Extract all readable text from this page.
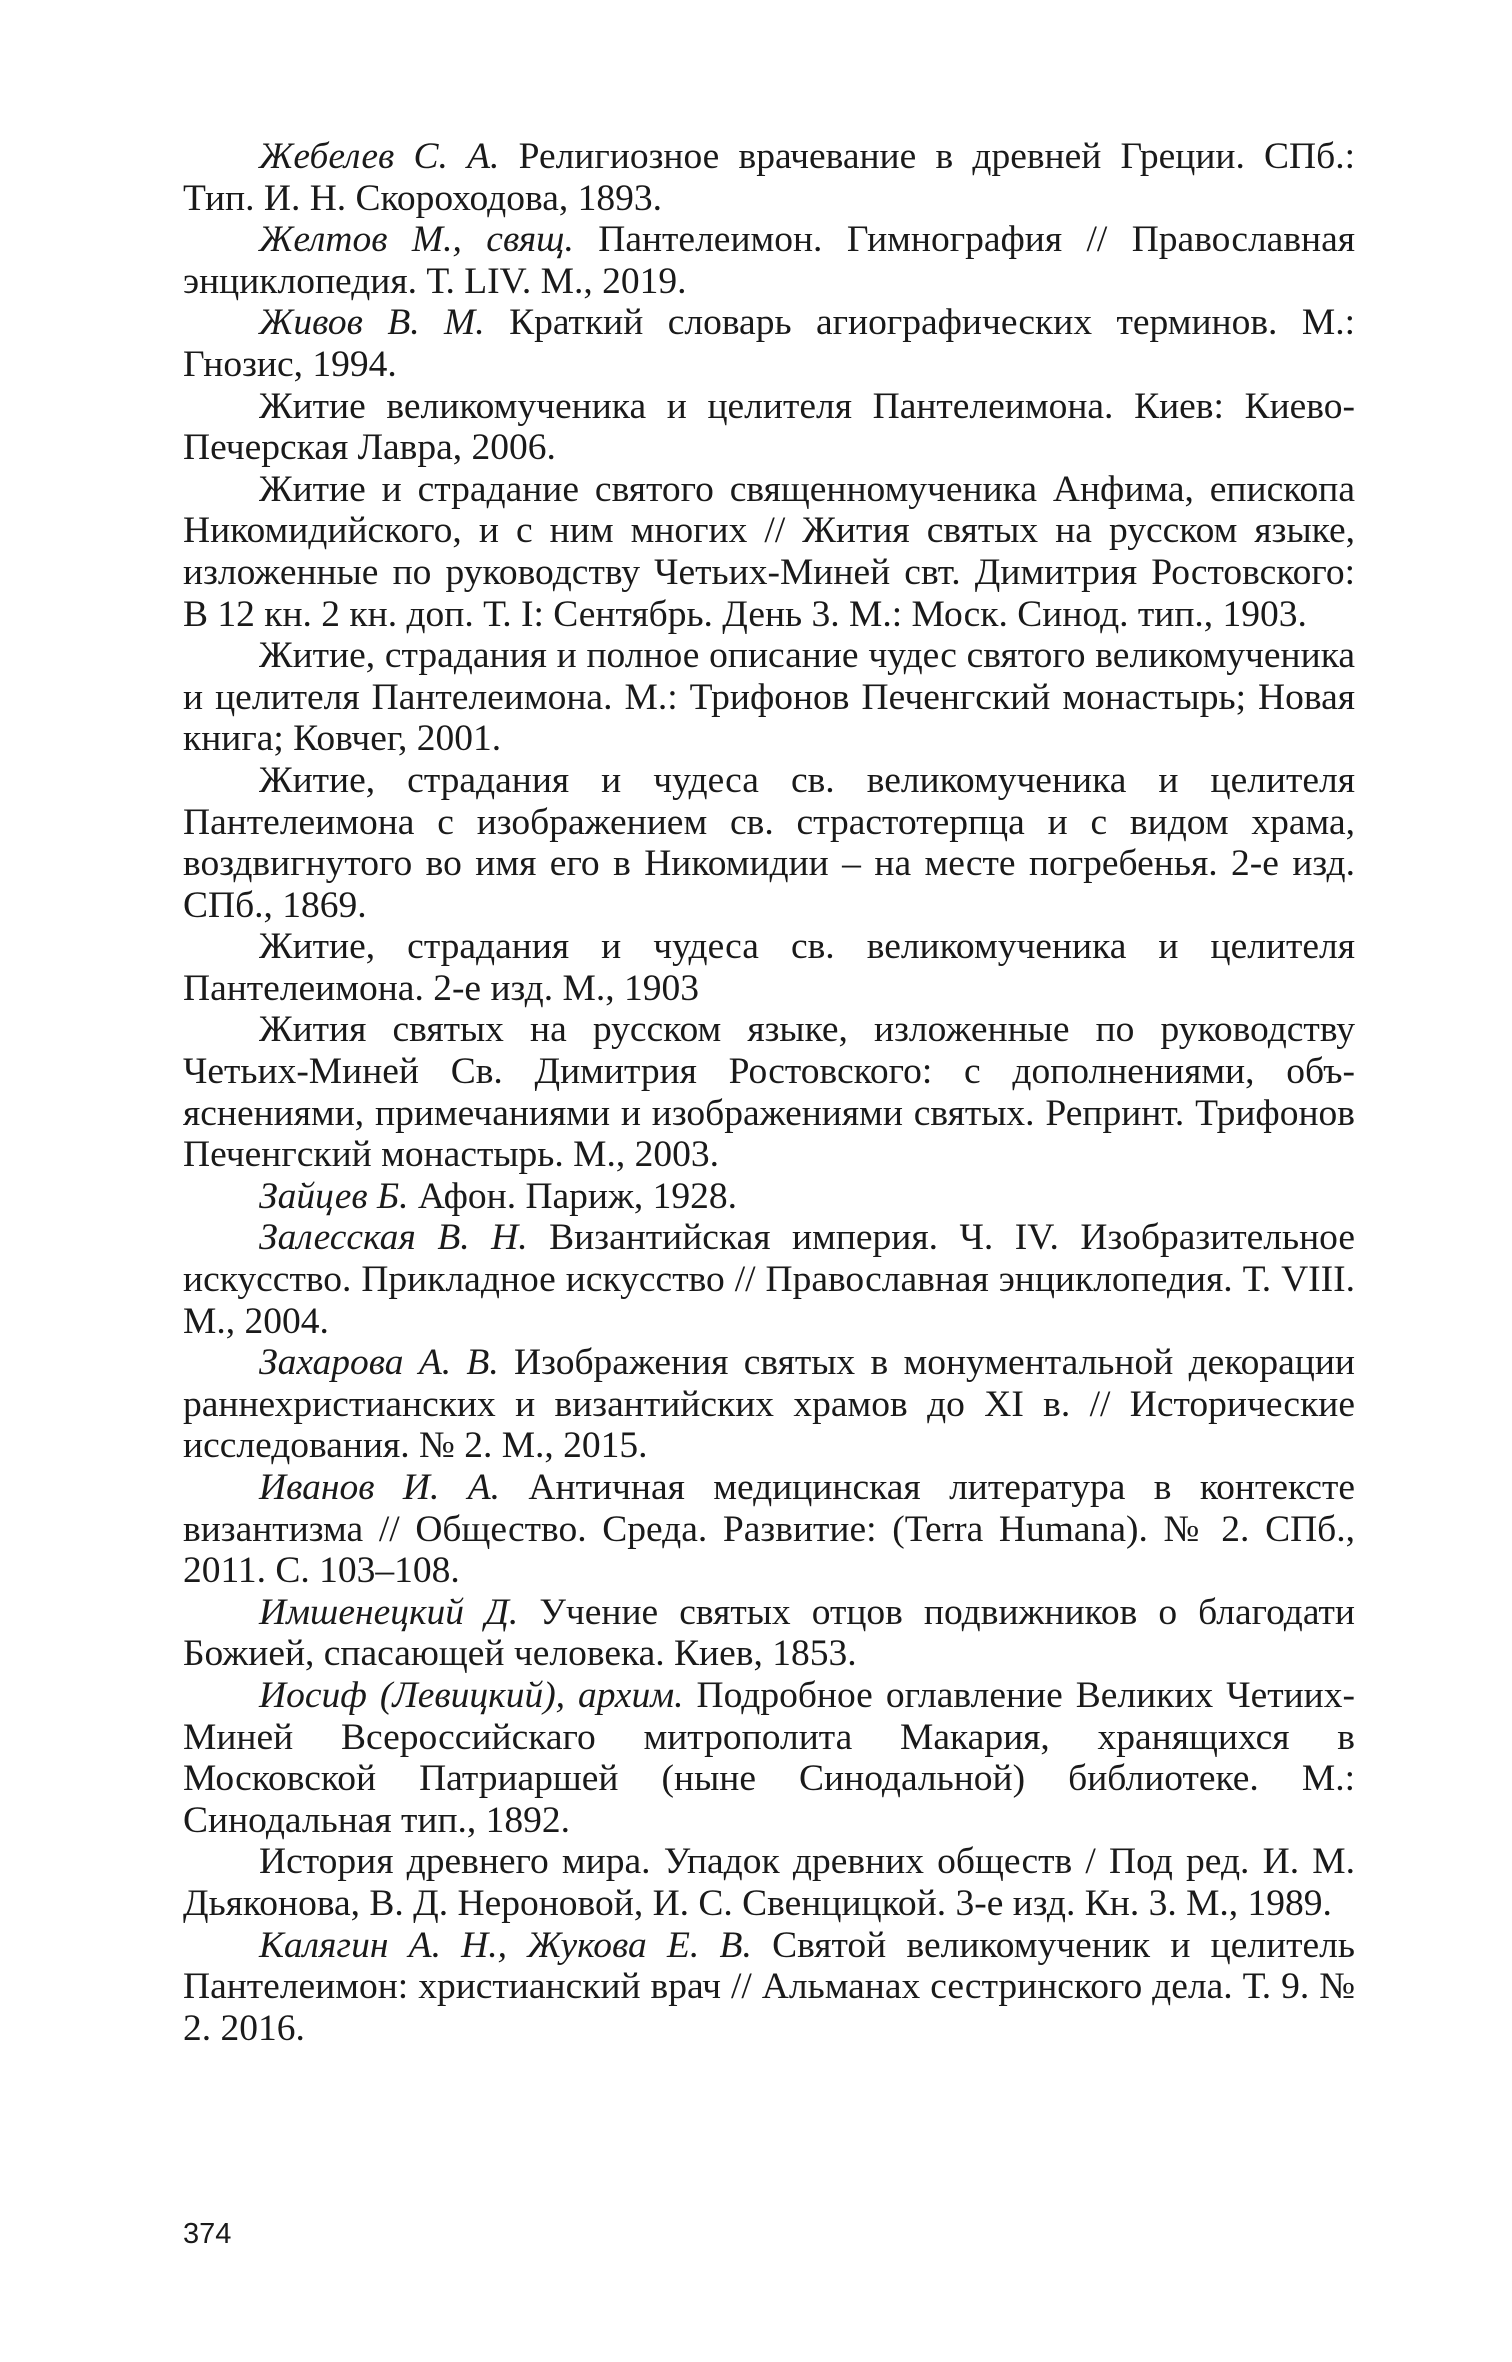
Жебелев С. А. Религиозное врачевание в древней Греции. СПб.: Тип. И. Н. Скороходова, 1893.

Желтов М., свящ. Пантелеимон. Гимнография // Православная энциклопедия. Т. LIV. М., 2019.

Живов В. М. Краткий словарь агиографических терминов. М.: Гнозис, 1994.

Житие великомученика и целителя Пантелеимона. Киев: Киево-Печерская Лавра, 2006.

Житие и страдание святого священномученика Анфима, епископа Никомидийского, и с ним многих // Жития святых на русском языке, изложенные по руководству Четьих-Миней свт. Димитрия Ростовского: В 12 кн. 2 кн. доп. Т. I: Сентябрь. День 3. М.: Моск. Синод. тип., 1903.

Житие, страдания и полное описание чудес святого великомученика и целителя Пантелеимона. М.: Трифонов Печенгский монастырь; Новая книга; Ковчег, 2001.

Житие, страдания и чудеса св. великомученика и целителя Пантелеимона с изображением св. страстотерпца и с видом храма, воздвигнутого во имя его в Никомидии – на месте погребенья. 2-е изд. СПб., 1869.

Житие, страдания и чудеса св. великомученика и целителя Пантелеимона. 2-е изд. М., 1903

Жития святых на русском языке, изложенные по руководству Четьих-Миней Св. Димитрия Ростовского: с дополнениями, объяснениями, примечаниями и изображениями святых. Репринт. Трифонов Печенгский монастырь. М., 2003.

Зайцев Б. Афон. Париж, 1928.

Залесская В. Н. Византийская империя. Ч. IV. Изобразительное искусство. Прикладное искусство // Православная энциклопедия. Т. VIII. М., 2004.

Захарова А. В. Изображения святых в монументальной декорации раннехристианских и византийских храмов до XI в. // Исторические исследования. № 2. М., 2015.

Иванов И. А. Античная медицинская литература в контексте византизма // Общество. Среда. Развитие: (Terra Humana). № 2. СПб., 2011. С. 103–108.

Имшенецкий Д. Учение святых отцов подвижников о благодати Божией, спасающей человека. Киев, 1853.

Иосиф (Левицкий), архим. Подробное оглавление Великих Четиих-Миней Всероссийскаго митрополита Макария, хранящихся в Московской Патриаршей (ныне Синодальной) библиотеке. М.: Синодальная тип., 1892.

История древнего мира. Упадок древних обществ / Под ред. И. М. Дьяконова, В. Д. Нероновой, И. С. Свенцицкой. 3-е изд. Кн. 3. М., 1989.

Калягин А. Н., Жукова Е. В. Святой великомученик и целитель Пантелеимон: христианский врач // Альманах сестринского дела. Т. 9. № 2. 2016.

374
